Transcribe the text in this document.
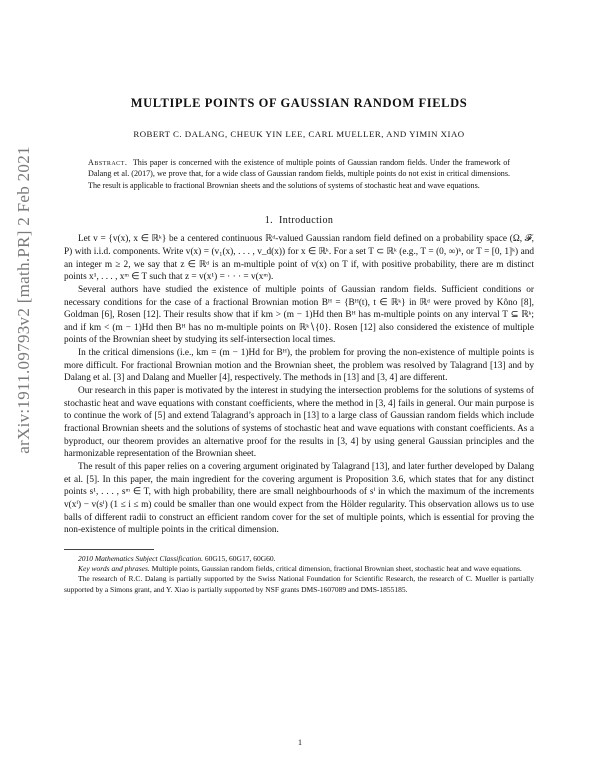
arXiv:1911.09793v2 [math.PR] 2 Feb 2021
MULTIPLE POINTS OF GAUSSIAN RANDOM FIELDS
ROBERT C. DALANG, CHEUK YIN LEE, CARL MUELLER, AND YIMIN XIAO
Abstract. This paper is concerned with the existence of multiple points of Gaussian random fields. Under the framework of Dalang et al. (2017), we prove that, for a wide class of Gaussian random fields, multiple points do not exist in critical dimensions. The result is applicable to fractional Brownian sheets and the solutions of systems of stochastic heat and wave equations.
1. Introduction

Let v = {v(x), x ∈ ℝᵏ} be a centered continuous ℝᵈ-valued Gaussian random field defined on a probability space (Ω, 𝓕, P) with i.i.d. components. Write v(x) = (v₁(x), . . . , v_d(x)) for x ∈ ℝᵏ. For a set T ⊂ ℝᵏ (e.g., T = (0, ∞)ᵏ, or T = [0, 1]ᵏ) and an integer m ≥ 2, we say that z ∈ ℝᵈ is an m-multiple point of v(x) on T if, with positive probability, there are m distinct points x¹, . . . , xᵐ ∈ T such that z = v(x¹) = · · · = v(xᵐ).

Several authors have studied the existence of multiple points of Gaussian random fields. Sufficient conditions or necessary conditions for the case of a fractional Brownian motion Bᴴ = {Bᴴ(t), t ∈ ℝᵏ} in ℝᵈ were proved by Kôno [8], Goldman [6], Rosen [12]. Their results show that if km > (m − 1)Hd then Bᴴ has m-multiple points on any interval T ⊆ ℝᵏ; and if km < (m − 1)Hd then Bᴴ has no m-multiple points on ℝᵏ∖{0}. Rosen [12] also considered the existence of multiple points of the Brownian sheet by studying its self-intersection local times.

In the critical dimensions (i.e., km = (m − 1)Hd for Bᴴ), the problem for proving the non-existence of multiple points is more difficult. For fractional Brownian motion and the Brownian sheet, the problem was resolved by Talagrand [13] and by Dalang et al. [3] and Dalang and Mueller [4], respectively. The methods in [13] and [3, 4] are different.

Our research in this paper is motivated by the interest in studying the intersection problems for the solutions of systems of stochastic heat and wave equations with constant coefficients, where the method in [3, 4] fails in general. Our main purpose is to continue the work of [5] and extend Talagrand’s approach in [13] to a large class of Gaussian random fields which include fractional Brownian sheets and the solutions of systems of stochastic heat and wave equations with constant coefficients. As a byproduct, our theorem provides an alternative proof for the results in [3, 4] by using general Gaussian principles and the harmonizable representation of the Brownian sheet.

The result of this paper relies on a covering argument originated by Talagrand [13], and later further developed by Dalang et al. [5]. In this paper, the main ingredient for the covering argument is Proposition 3.6, which states that for any distinct points s¹, . . . , sᵐ ∈ T, with high probability, there are small neighbourhoods of sⁱ in which the maximum of the increments v(xⁱ) − v(sⁱ) (1 ≤ i ≤ m) could be smaller than one would expect from the Hölder regularity. This observation allows us to use balls of different radii to construct an efficient random cover for the set of multiple points, which is essential for proving the non-existence of multiple points in the critical dimension.

2010 Mathematics Subject Classification. 60G15, 60G17, 60G60.

Key words and phrases. Multiple points, Gaussian random fields, critical dimension, fractional Brownian sheet, stochastic heat and wave equations.

The research of R.C. Dalang is partially supported by the Swiss National Foundation for Scientific Research, the research of C. Mueller is partially supported by a Simons grant, and Y. Xiao is partially supported by NSF grants DMS-1607089 and DMS-1855185.

1
